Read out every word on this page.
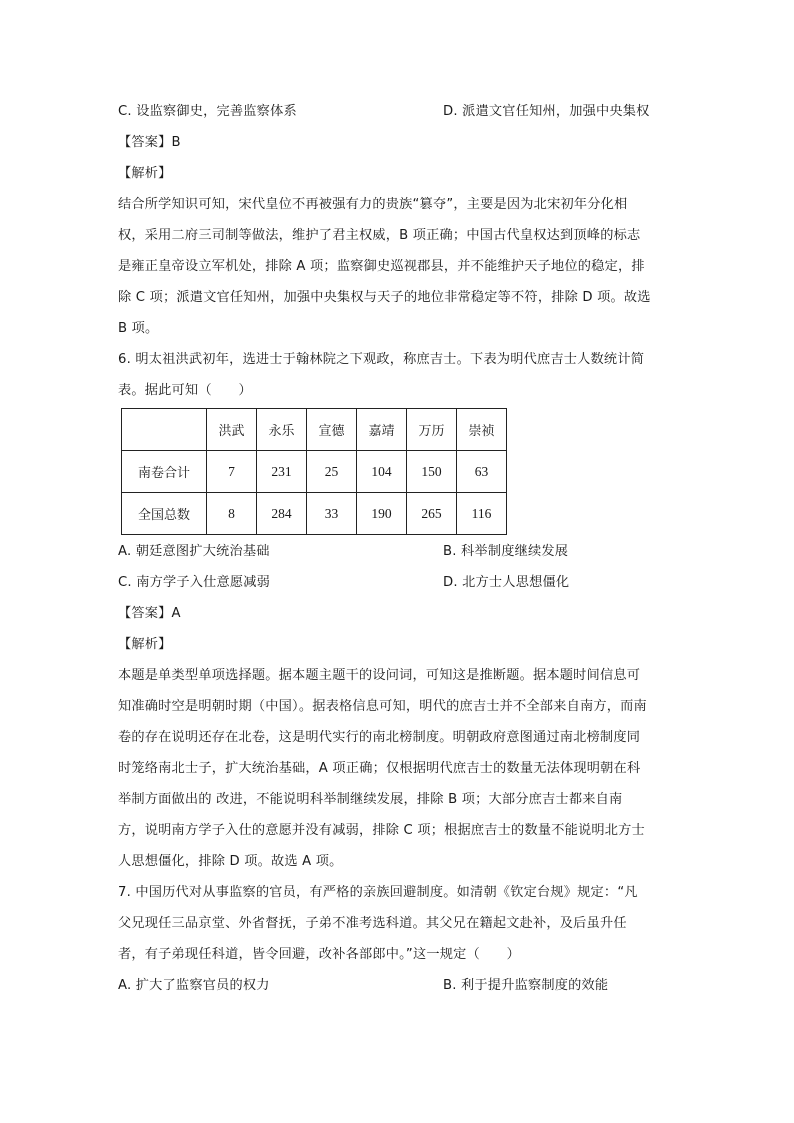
C. 设监察御史，完善监察体系	D. 派遣文官任知州，加强中央集权
【答案】B
【解析】
结合所学知识可知，宋代皇位不再被强有力的贵族“篡夺”，主要是因为北宋初年分化相
权，采用二府三司制等做法，维护了君主权威，B 项正确；中国古代皇权达到顶峰的标志
是雍正皇帝设立军机处，排除 A 项；监察御史巡视郡县，并不能维护天子地位的稳定，排
除 C 项；派遣文官任知州，加强中央集权与天子的地位非常稳定等不符，排除 D 项。故选
B 项。
6. 明太祖洪武初年，选进士于翰林院之下观政，称庶吉士。下表为明代庶吉士人数统计简
表。据此可知（　　）
	洪武	永乐	宣德	嘉靖	万历	崇祯
南卷合计	7	231	25	104	150	63
全国总数	8	284	33	190	265	116
A. 朝廷意图扩大统治基础	B. 科举制度继续发展
C. 南方学子入仕意愿减弱	D. 北方士人思想僵化
【答案】A
【解析】
本题是单类型单项选择题。据本题主题干的设问词，可知这是推断题。据本题时间信息可
知准确时空是明朝时期（中国）。据表格信息可知，明代的庶吉士并不全部来自南方，而南
卷的存在说明还存在北卷，这是明代实行的南北榜制度。明朝政府意图通过南北榜制度同
时笼络南北士子，扩大统治基础，A 项正确；仅根据明代庶吉士的数量无法体现明朝在科
举制方面做出的 改进，不能说明科举制继续发展，排除 B 项；大部分庶吉士都来自南
方，说明南方学子入仕的意愿并没有减弱，排除 C 项；根据庶吉士的数量不能说明北方士
人思想僵化，排除 D 项。故选 A 项。
7. 中国历代对从事监察的官员，有严格的亲族回避制度。如清朝《钦定台规》规定：“凡
父兄现任三品京堂、外省督抚，子弟不准考选科道。其父兄在籍起文赴补，及后虽升任
者，有子弟现任科道，皆令回避，改补各部郎中。”这一规定（　　）
A. 扩大了监察官员的权力	B. 利于提升监察制度的效能
